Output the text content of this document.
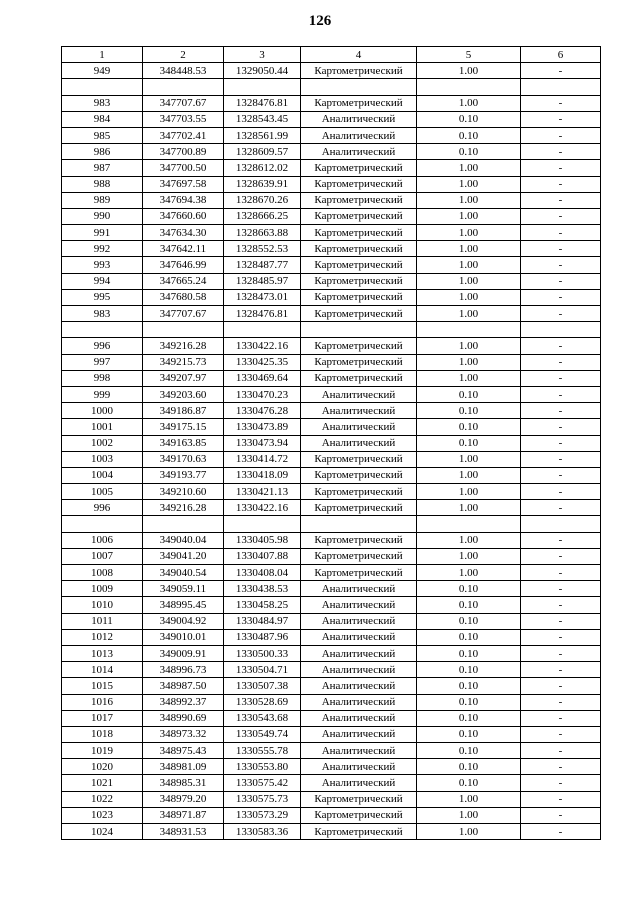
126
1	2	3	4	5	6
949	348448.53	1329050.44	Картометрический	1.00	-

983	347707.67	1328476.81	Картометрический	1.00	-
984	347703.55	1328543.45	Аналитический	0.10	-
985	347702.41	1328561.99	Аналитический	0.10	-
986	347700.89	1328609.57	Аналитический	0.10	-
987	347700.50	1328612.02	Картометрический	1.00	-
988	347697.58	1328639.91	Картометрический	1.00	-
989	347694.38	1328670.26	Картометрический	1.00	-
990	347660.60	1328666.25	Картометрический	1.00	-
991	347634.30	1328663.88	Картометрический	1.00	-
992	347642.11	1328552.53	Картометрический	1.00	-
993	347646.99	1328487.77	Картометрический	1.00	-
994	347665.24	1328485.97	Картометрический	1.00	-
995	347680.58	1328473.01	Картометрический	1.00	-
983	347707.67	1328476.81	Картометрический	1.00	-

996	349216.28	1330422.16	Картометрический	1.00	-
997	349215.73	1330425.35	Картометрический	1.00	-
998	349207.97	1330469.64	Картометрический	1.00	-
999	349203.60	1330470.23	Аналитический	0.10	-
1000	349186.87	1330476.28	Аналитический	0.10	-
1001	349175.15	1330473.89	Аналитический	0.10	-
1002	349163.85	1330473.94	Аналитический	0.10	-
1003	349170.63	1330414.72	Картометрический	1.00	-
1004	349193.77	1330418.09	Картометрический	1.00	-
1005	349210.60	1330421.13	Картометрический	1.00	-
996	349216.28	1330422.16	Картометрический	1.00	-

1006	349040.04	1330405.98	Картометрический	1.00	-
1007	349041.20	1330407.88	Картометрический	1.00	-
1008	349040.54	1330408.04	Картометрический	1.00	-
1009	349059.11	1330438.53	Аналитический	0.10	-
1010	348995.45	1330458.25	Аналитический	0.10	-
1011	349004.92	1330484.97	Аналитический	0.10	-
1012	349010.01	1330487.96	Аналитический	0.10	-
1013	349009.91	1330500.33	Аналитический	0.10	-
1014	348996.73	1330504.71	Аналитический	0.10	-
1015	348987.50	1330507.38	Аналитический	0.10	-
1016	348992.37	1330528.69	Аналитический	0.10	-
1017	348990.69	1330543.68	Аналитический	0.10	-
1018	348973.32	1330549.74	Аналитический	0.10	-
1019	348975.43	1330555.78	Аналитический	0.10	-
1020	348981.09	1330553.80	Аналитический	0.10	-
1021	348985.31	1330575.42	Аналитический	0.10	-
1022	348979.20	1330575.73	Картометрический	1.00	-
1023	348971.87	1330573.29	Картометрический	1.00	-
1024	348931.53	1330583.36	Картометрический	1.00	-
